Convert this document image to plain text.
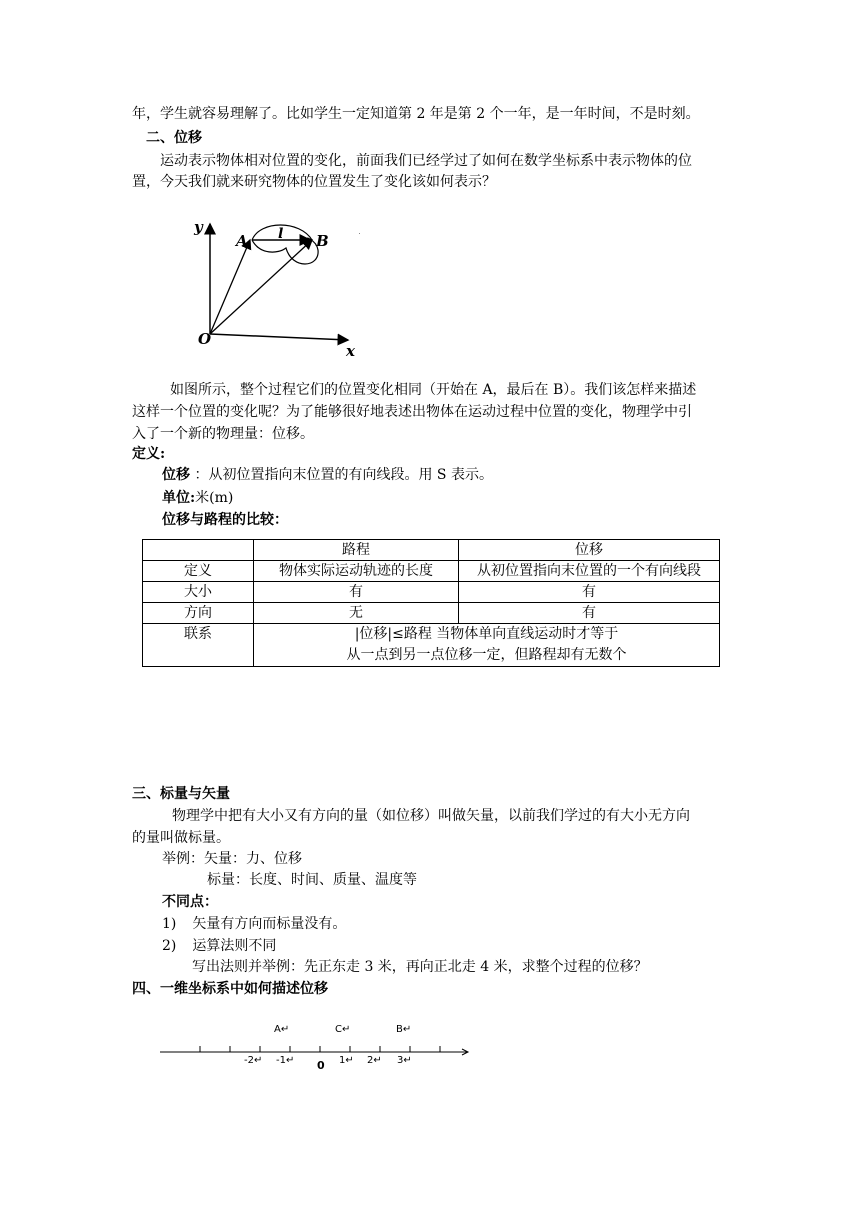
年，学生就容易理解了。比如学生一定知道第 2 年是第 2 个一年，是一年时间，不是时刻。
二、位移
运动表示物体相对位置的变化，前面我们已经学过了如何在数学坐标系中表示物体的位
置，今天我们就来研究物体的位置发生了变化该如何表示？
y
x
O
A	B
l
如图所示，整个过程它们的位置变化相同（开始在 A，最后在 B）。我们该怎样来描述
这样一个位置的变化呢？为了能够很好地表述出物体在运动过程中位置的变化，物理学中引
入了一个新的物理量：位移。
定义:
位移 ：从初位置指向末位置的有向线段。用 S 表示。
单位:米(m)
位移与路程的比较：
	路程	位移
定义	物体实际运动轨迹的长度	从初位置指向末位置的一个有向线段
大小	有	有
方向	无	有
联系	|位移|≤路程 当物体单向直线运动时才等于
从一点到另一点位移一定，但路程却有无数个	
三、标量与矢量
物理学中把有大小又有方向的量（如位移）叫做矢量，以前我们学过的有大小无方向
的量叫做标量。
举例：矢量：力、位移
标量：长度、时间、质量、温度等
不同点：
1) 矢量有方向而标量没有。
2) 运算法则不同
写出法则并举例：先正东走 3 米，再向正北走 4 米，求整个过程的位移？
四、一维坐标系中如何描述位移
A↵	C↵	B↵
-2↵ -1↵	1↵ 2↵ 3↵
0
